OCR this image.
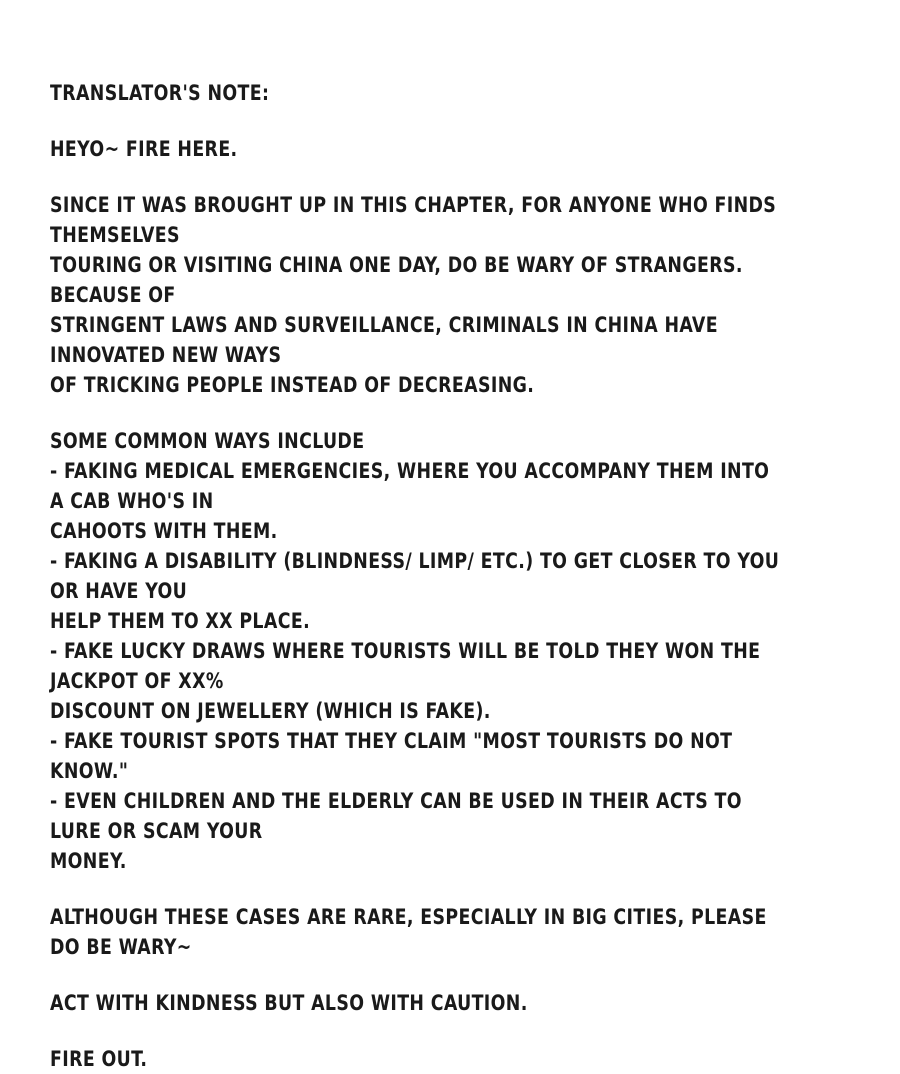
TRANSLATOR'S NOTE:
HEYO~ FIRE HERE.
SINCE IT WAS BROUGHT UP IN THIS CHAPTER, FOR ANYONE WHO FINDS THEMSELVES
TOURING OR VISITING CHINA ONE DAY, DO BE WARY OF STRANGERS. BECAUSE OF
STRINGENT LAWS AND SURVEILLANCE, CRIMINALS IN CHINA HAVE INNOVATED NEW WAYS
OF TRICKING PEOPLE INSTEAD OF DECREASING.
SOME COMMON WAYS INCLUDE
- FAKING MEDICAL EMERGENCIES, WHERE YOU ACCOMPANY THEM INTO A CAB WHO'S IN
CAHOOTS WITH THEM.
- FAKING A DISABILITY (BLINDNESS/ LIMP/ ETC.) TO GET CLOSER TO YOU OR HAVE YOU
HELP THEM TO XX PLACE.
- FAKE LUCKY DRAWS WHERE TOURISTS WILL BE TOLD THEY WON THE JACKPOT OF XX%
DISCOUNT ON JEWELLERY (WHICH IS FAKE).
- FAKE TOURIST SPOTS THAT THEY CLAIM "MOST TOURISTS DO NOT KNOW."
- EVEN CHILDREN AND THE ELDERLY CAN BE USED IN THEIR ACTS TO LURE OR SCAM YOUR
MONEY.
ALTHOUGH THESE CASES ARE RARE, ESPECIALLY IN BIG CITIES, PLEASE DO BE WARY~
ACT WITH KINDNESS BUT ALSO WITH CAUTION.
FIRE OUT.
